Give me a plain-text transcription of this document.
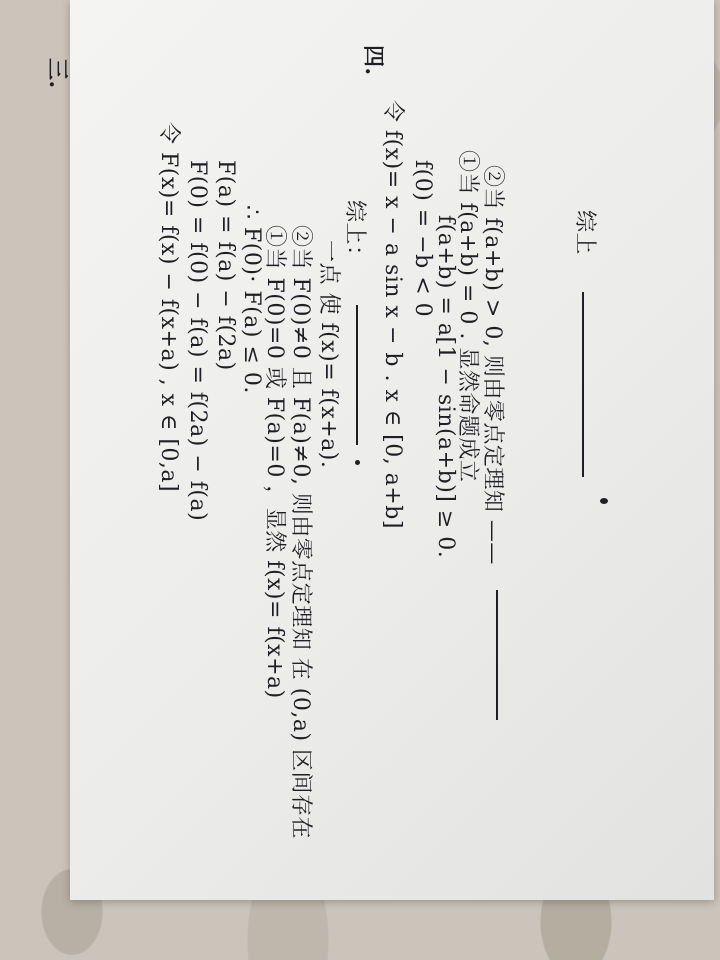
三.
令 F(x)= f(x) − f(x+a) , x ∈ [0,a] F(0) = f(0) − f(a) = f(2a) − f(a) F(a) = f(a) − f(2a) ∴ F(0)· F(a) ≤ 0.
①当 F(0)=0 或 F(a)=0 ，显然 f(x)= f(x+a) ②当 F(0)≠0 且 F(a)≠0, 则由零点定理知 在 (0,a) 区间存在 一点 使 f(x)= f(x+a).
综上：
四.
令 f(x)= x − a sin x − b . x ∈ [0, a+b] f(0) = −b < 0
f(a+b) = a[1 − sin(a+b)] ≥ 0.
①当 f(a+b) = 0 . 显然命题成立 ②当 f(a+b) > 0, 则由零点定理知 ——	综上
